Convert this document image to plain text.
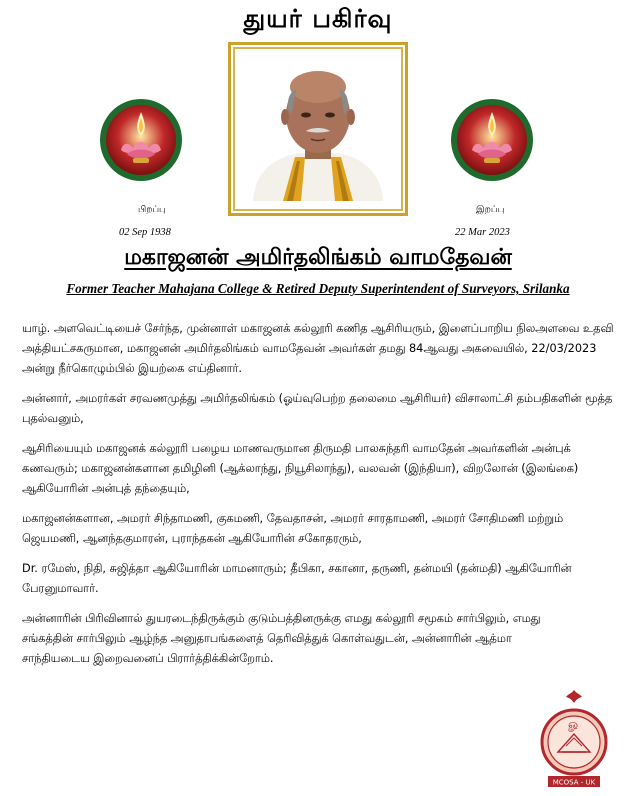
துயர் பகிர்வு
பிறப்பு
02 Sep 1938
இறப்பு
22 Mar 2023
மகாஜனன் அமிர்தலிங்கம் வாமதேவன்
Former Teacher Mahajana College & Retired Deputy Superintendent of Surveyors, Srilanka

யாழ். அளவெட்டியைச் சேர்ந்த, முன்னாள் மகாஜனக் கல்லூரி கணித ஆசிரியரும், இளைப்பாறிய நிலஅளவை உதவி அத்தியட்சகருமான, மகாஜனன் அமிர்தலிங்கம் வாமதேவன் அவர்கள் தமது 84ஆவது அகவையில், 22/03/2023 அன்று நீர்கொழும்பில் இயற்கை எய்தினார்.

அன்னார், அமரர்கள் சரவணமுத்து அமிர்தலிங்கம் (ஓய்வுபெற்ற தலைமை ஆசிரியர்) விசாலாட்சி தம்பதிகளின் மூத்த புதல்வனும்,

ஆசிரியையும் மகாஜனக் கல்லூரி பழைய மாணவருமான திருமதி பாலசுந்தரி வாமதேன் அவர்களின் அன்புக் கணவரும்; மகாஜனன்களான தமிழினி (ஆக்லாந்து, நியூசிலாந்து), வலவன் (இந்தியா), விறலோன் (இலங்கை) ஆகியோரின் அன்புத் தந்தையும்,

மகாஜனன்களான, அமரர் சிந்தாமணி, குகமணி, தேவதாசன், அமரர் சாரதாமணி, அமரர் சோதிமணி மற்றும் ஜெயமணி, ஆனந்தகுமாரன், புராந்தகன் ஆகியோரின் சகோதரரும்,

Dr. ரமேஸ், நிதி, சுஜித்தா ஆகியோரின் மாமனாரும்; தீபிகா, சகானா, தருணி, தன்மயி (தன்மதி) ஆகியோரின் பேரனுமாவார்.

அன்னாரின் பிரிவினால் துயரடைந்திருக்கும் குடும்பத்தினருக்கு எமது கல்லூரி சமூகம் சார்பிலும், எமது சங்கத்தின் சார்பிலும் ஆழ்ந்த அனுதாபங்களைத் தெரிவித்துக் கொள்வதுடன், அன்னாரின் ஆத்மா சாந்தியடைய இறைவனைப் பிரார்த்திக்கின்றோம்.

ௐ
MCOSA - UK
